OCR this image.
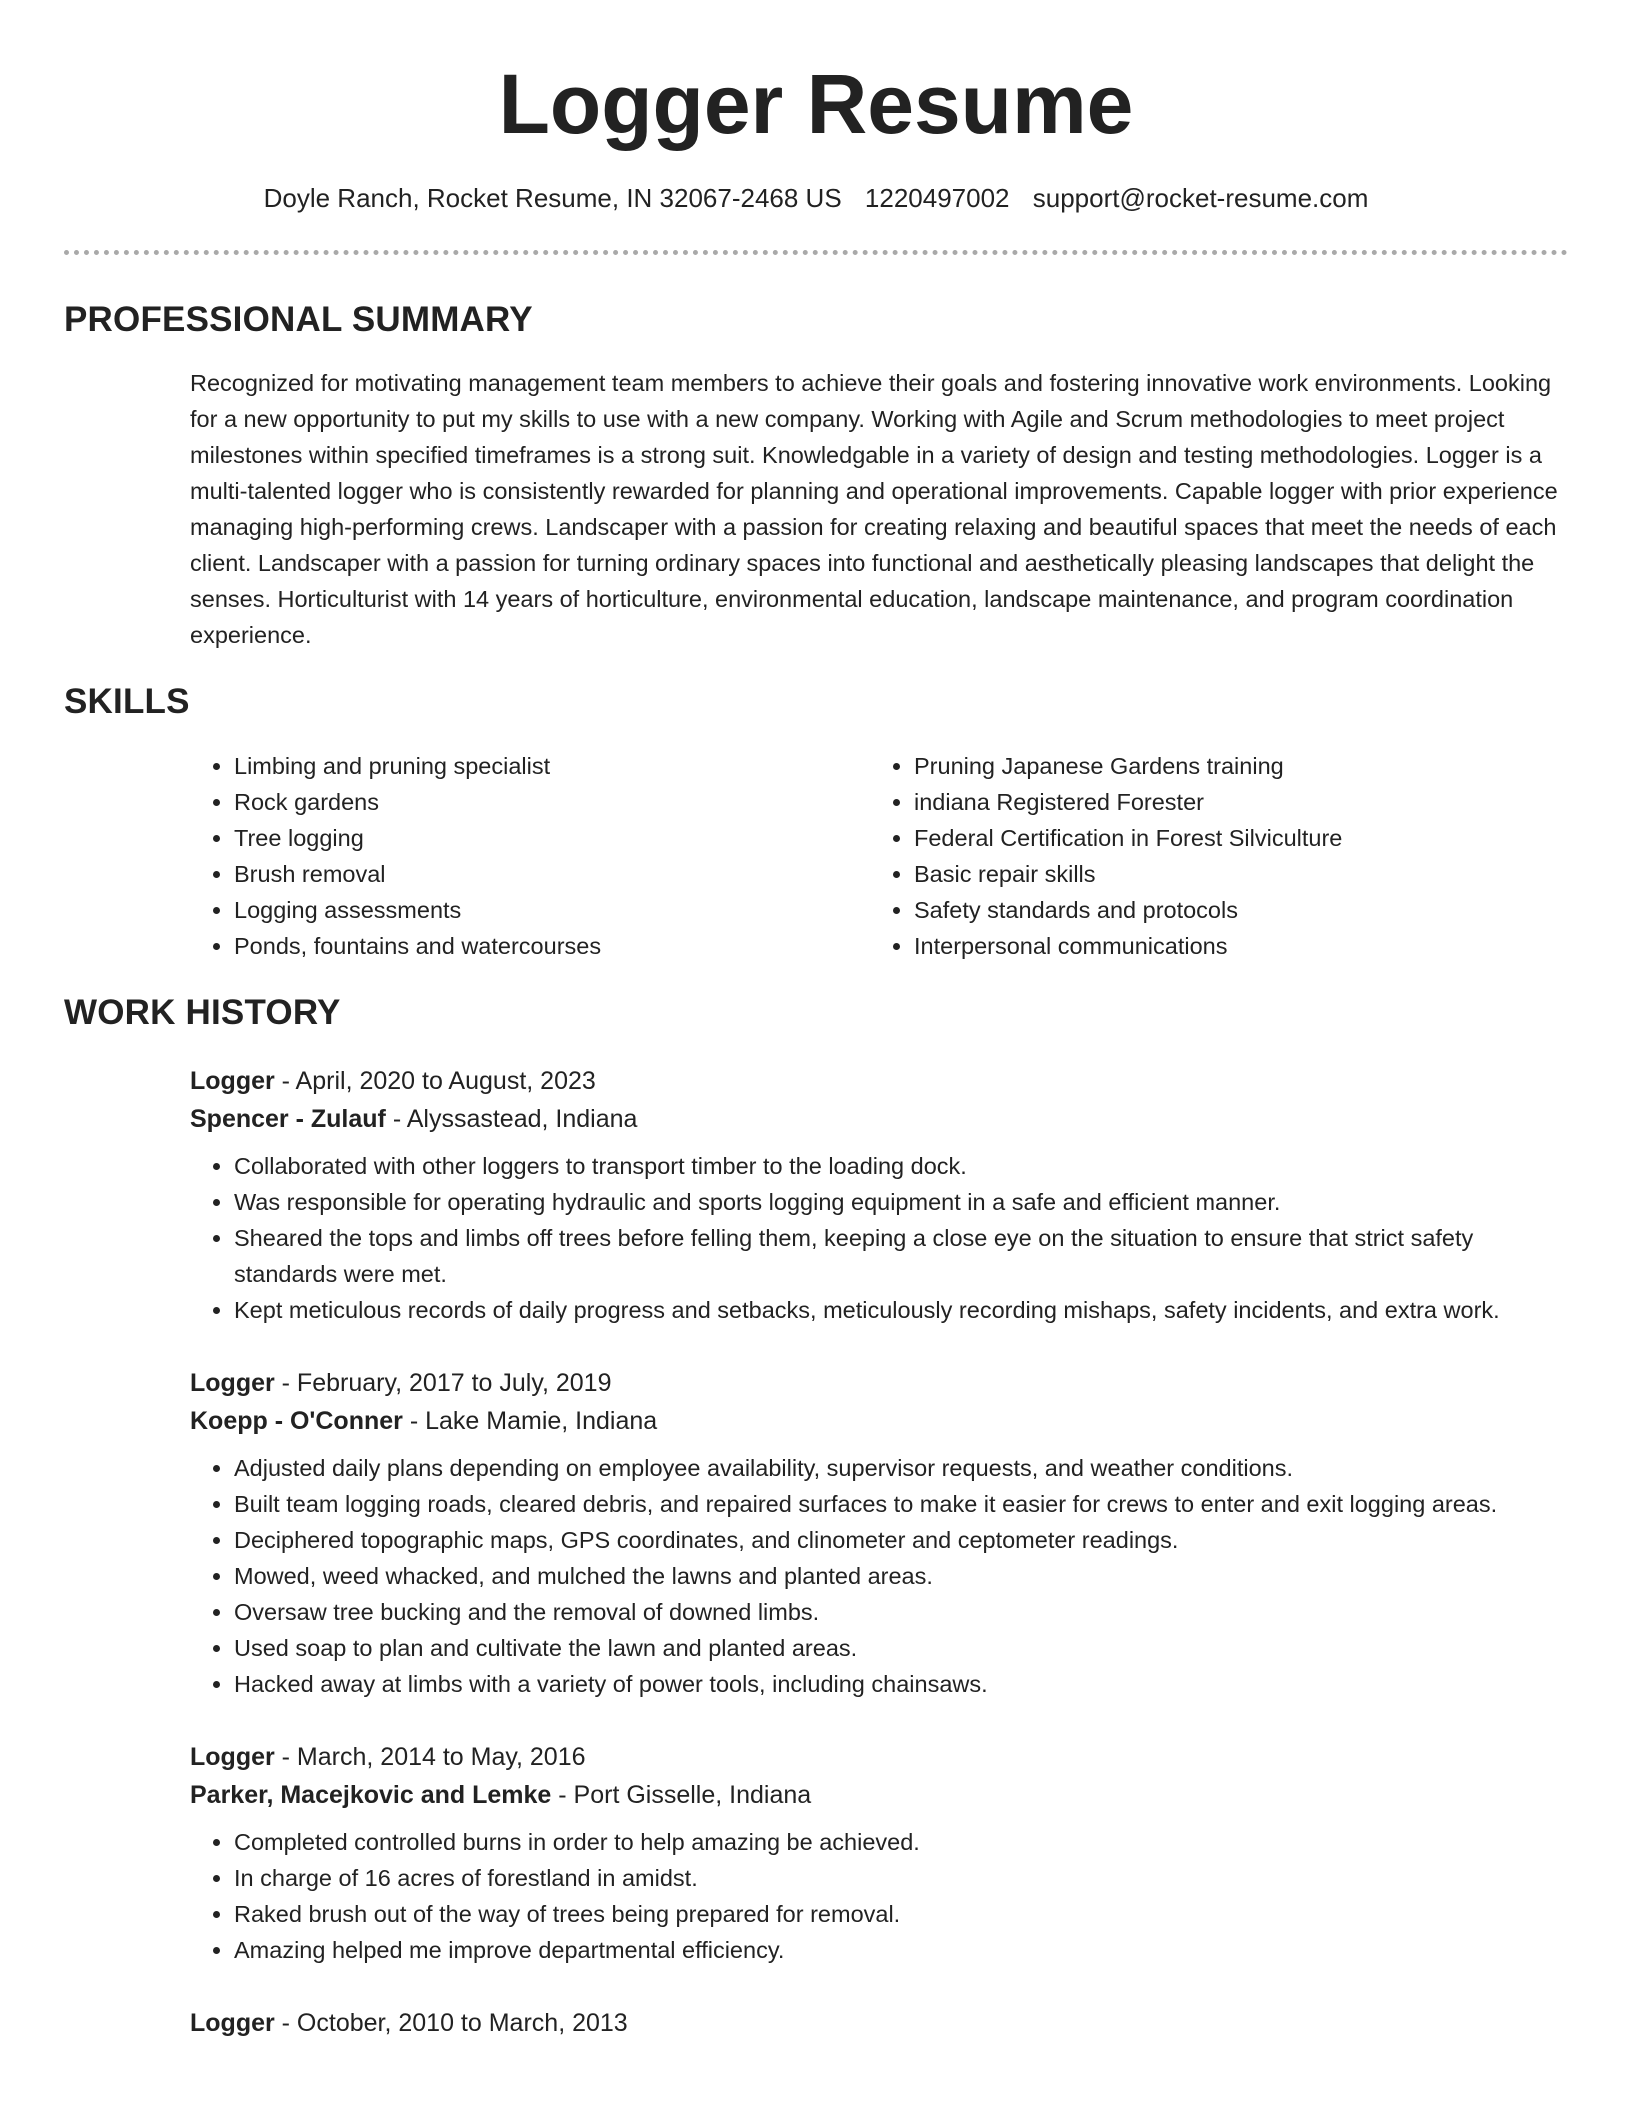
Logger Resume
Doyle Ranch, Rocket Resume, IN 32067-2468 US 1220497002 support@rocket-resume.com
PROFESSIONAL SUMMARY

Recognized for motivating management team members to achieve their goals and fostering innovative work environments. Looking for a new opportunity to put my skills to use with a new company. Working with Agile and Scrum methodologies to meet project milestones within specified timeframes is a strong suit. Knowledgable in a variety of design and testing methodologies. Logger is a multi-talented logger who is consistently rewarded for planning and operational improvements. Capable logger with prior experience managing high-performing crews. Landscaper with a passion for creating relaxing and beautiful spaces that meet the needs of each client. Landscaper with a passion for turning ordinary spaces into functional and aesthetically pleasing landscapes that delight the senses. Horticulturist with 14 years of horticulture, environmental education, landscape maintenance, and program coordination experience.

SKILLS
• Limbing and pruning specialist
• Rock gardens
• Tree logging
• Brush removal
• Logging assessments
• Ponds, fountains and watercourses
• Pruning Japanese Gardens training
• indiana Registered Forester
• Federal Certification in Forest Silviculture
• Basic repair skills
• Safety standards and protocols
• Interpersonal communications
WORK HISTORY
Logger - April, 2020 to August, 2023
Spencer - Zulauf - Alyssastead, Indiana
• Collaborated with other loggers to transport timber to the loading dock.
• Was responsible for operating hydraulic and sports logging equipment in a safe and efficient manner.
• Sheared the tops and limbs off trees before felling them, keeping a close eye on the situation to ensure that strict safety standards were met.
• Kept meticulous records of daily progress and setbacks, meticulously recording mishaps, safety incidents, and extra work.
Logger - February, 2017 to July, 2019
Koepp - O'Conner - Lake Mamie, Indiana
• Adjusted daily plans depending on employee availability, supervisor requests, and weather conditions.
• Built team logging roads, cleared debris, and repaired surfaces to make it easier for crews to enter and exit logging areas.
• Deciphered topographic maps, GPS coordinates, and clinometer and ceptometer readings.
• Mowed, weed whacked, and mulched the lawns and planted areas.
• Oversaw tree bucking and the removal of downed limbs.
• Used soap to plan and cultivate the lawn and planted areas.
• Hacked away at limbs with a variety of power tools, including chainsaws.
Logger - March, 2014 to May, 2016
Parker, Macejkovic and Lemke - Port Gisselle, Indiana
• Completed controlled burns in order to help amazing be achieved.
• In charge of 16 acres of forestland in amidst.
• Raked brush out of the way of trees being prepared for removal.
• Amazing helped me improve departmental efficiency.
Logger - October, 2010 to March, 2013
